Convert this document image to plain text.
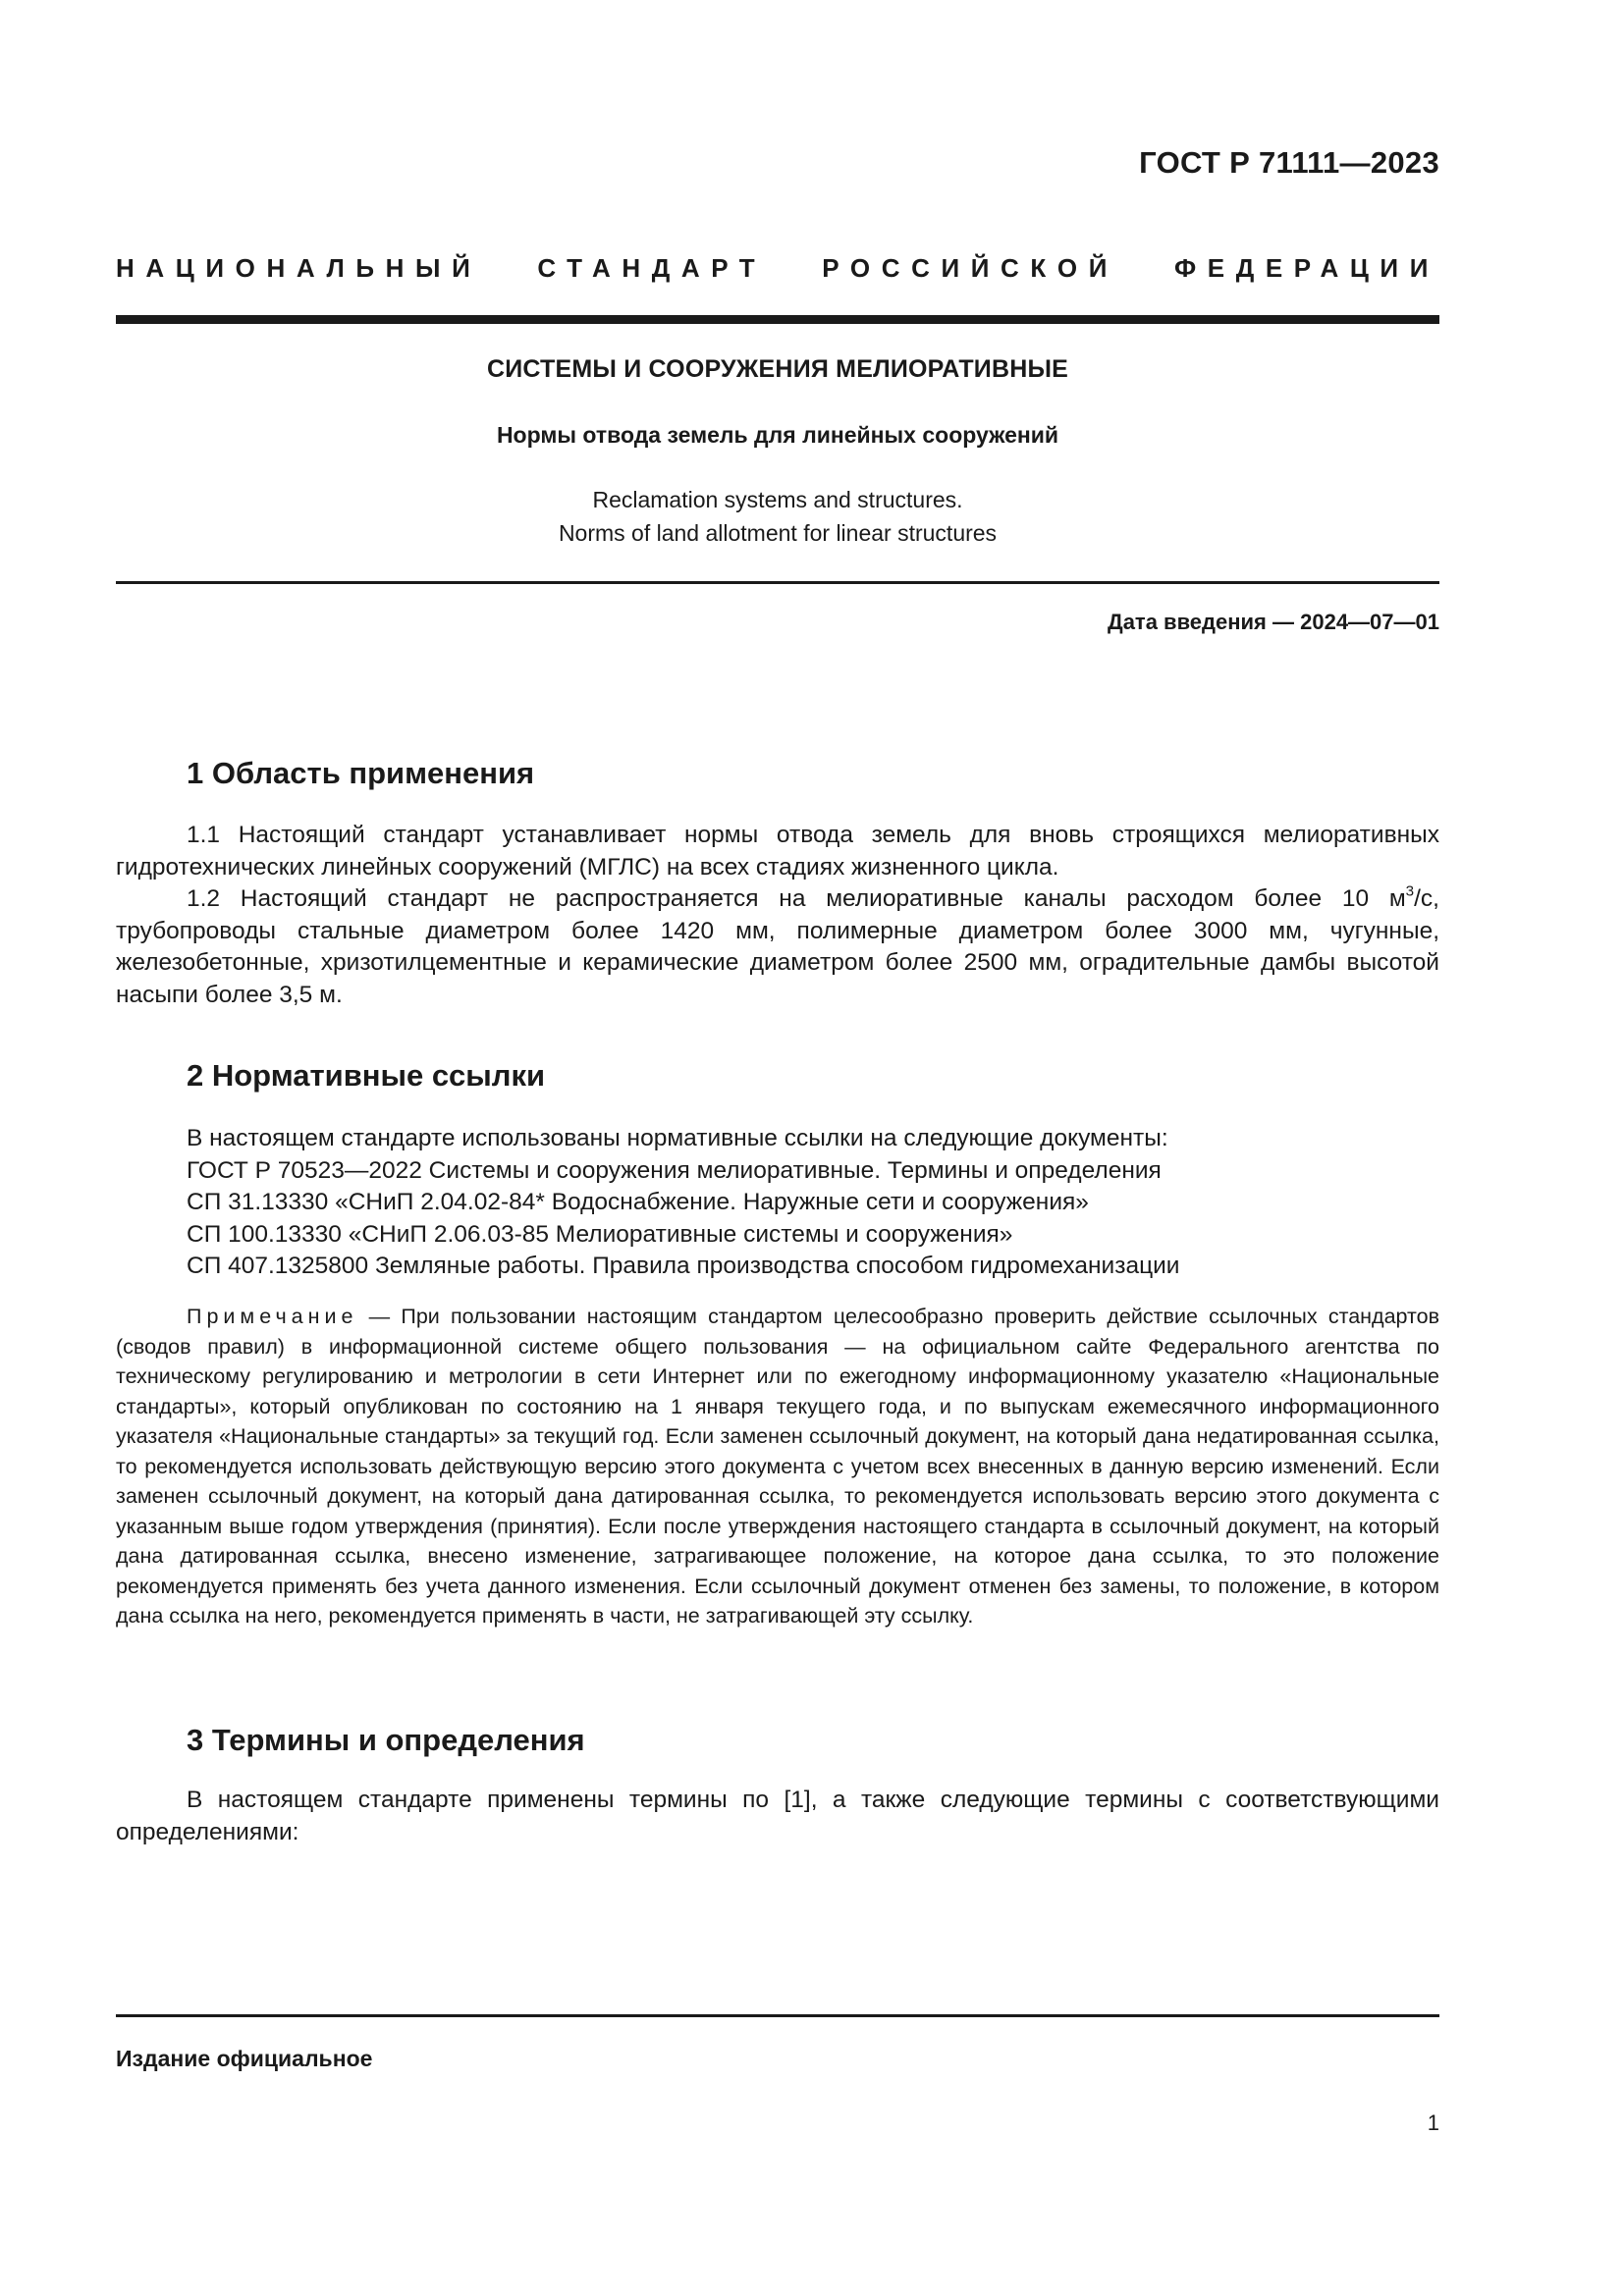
ГОСТ Р 71111—2023
НАЦИОНАЛЬНЫЙ СТАНДАРТ РОССИЙСКОЙ ФЕДЕРАЦИИ
СИСТЕМЫ И СООРУЖЕНИЯ МЕЛИОРАТИВНЫЕ
Нормы отвода земель для линейных сооружений
Reclamation systems and structures.
Norms of land allotment for linear structures
Дата введения — 2024—07—01
1 Область применения

1.1 Настоящий стандарт устанавливает нормы отвода земель для вновь строящихся мелиоративных гидротехнических линейных сооружений (МГЛС) на всех стадиях жизненного цикла.

1.2 Настоящий стандарт не распространяется на мелиоративные каналы расходом более 10 $м^3/с$, трубопроводы стальные диаметром более 1420 мм, полимерные диаметром более 3000 мм, чугунные, железобетонные, хризотилцементные и керамические диаметром более 2500 мм, оградительные дамбы высотой насыпи более 3,5 м.

2 Нормативные ссылки
В настоящем стандарте использованы нормативные ссылки на следующие документы:
ГОСТ Р 70523—2022 Системы и сооружения мелиоративные. Термины и определения
СП 31.13330 «СНиП 2.04.02-84* Водоснабжение. Наружные сети и сооружения»
СП 100.13330 «СНиП 2.06.03-85 Мелиоративные системы и сооружения»
СП 407.1325800 Земляные работы. Правила производства способом гидромеханизации

Примечание — При пользовании настоящим стандартом целесообразно проверить действие ссылочных стандартов (сводов правил) в информационной системе общего пользования — на официальном сайте Федерального агентства по техническому регулированию и метрологии в сети Интернет или по ежегодному информационному указателю «Национальные стандарты», который опубликован по состоянию на 1 января текущего года, и по выпускам ежемесячного информационного указателя «Национальные стандарты» за текущий год. Если заменен ссылочный документ, на который дана недатированная ссылка, то рекомендуется использовать действующую версию этого документа с учетом всех внесенных в данную версию изменений. Если заменен ссылочный документ, на который дана датированная ссылка, то рекомендуется использовать версию этого документа с указанным выше годом утверждения (принятия). Если после утверждения настоящего стандарта в ссылочный документ, на который дана датированная ссылка, внесено изменение, затрагивающее положение, на которое дана ссылка, то это положение рекомендуется применять без учета данного изменения. Если ссылочный документ отменен без замены, то положение, в котором дана ссылка на него, рекомендуется применять в части, не затрагивающей эту ссылку.

3 Термины и определения

В настоящем стандарте применены термины по [1], а также следующие термины с соответствующими определениями:

Издание официальное
1
